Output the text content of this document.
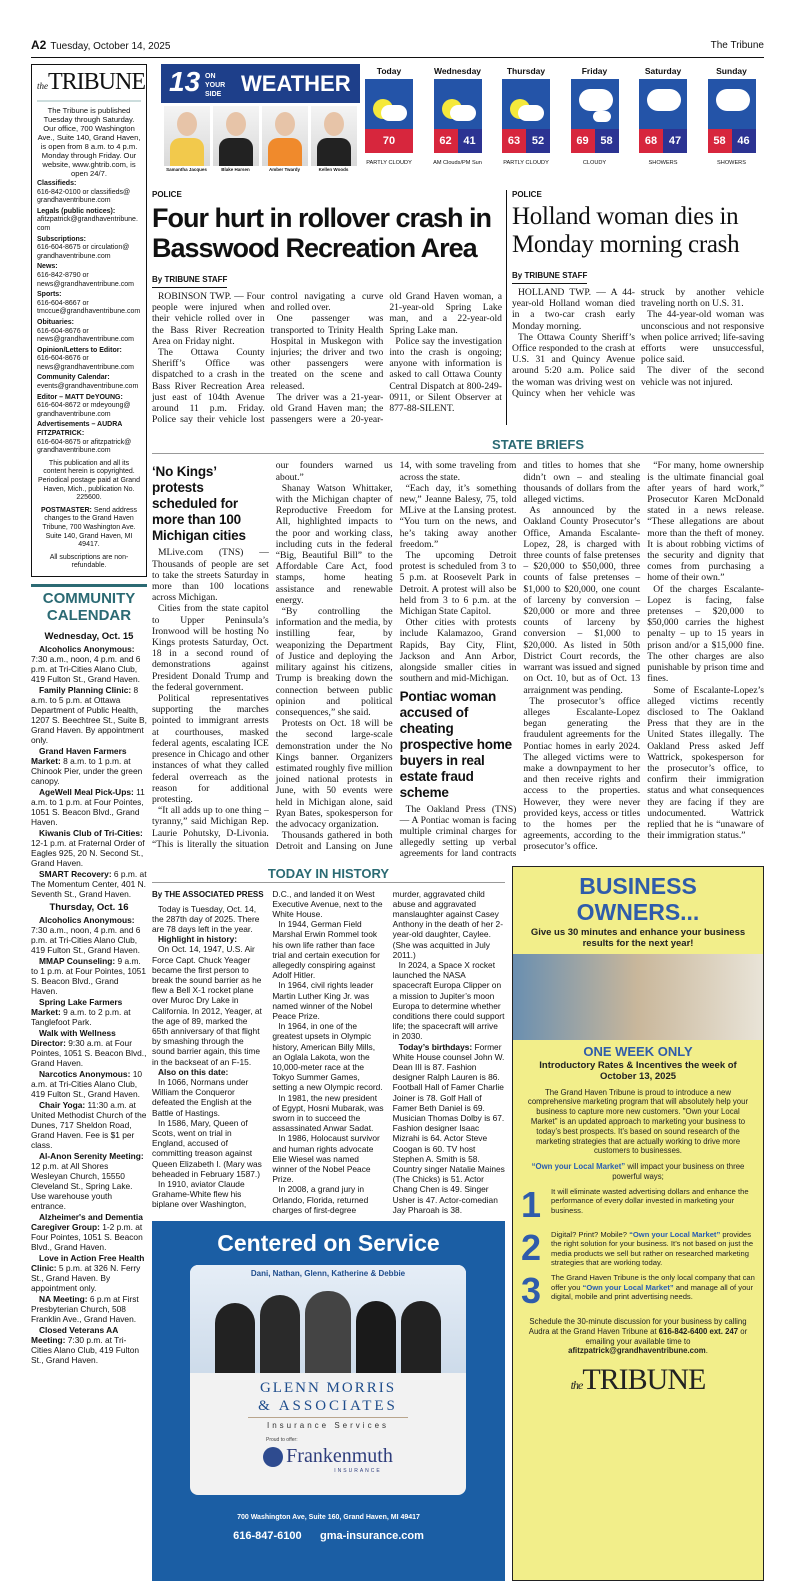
A2 Tuesday, October 14, 2025	The Tribune
theTRIBUNE
The Tribune is published Tuesday through Saturday. Our office, 700 Washington Ave., Suite 140, Grand Haven, is open from 8 a.m. to 4 p.m. Monday through Friday. Our website, www.ghtrib.com, is open 24/7.
Classifieds:
616-842-0100 or classifieds@ grandhaventribune.com
Legals (public notices):
afitzpatrick@grandhaventribune.com
Subscriptions:
616-604-8675 or circulation@ grandhaventribune.com
News:
616-842-8790 or news@grandhaventribune.com
Sports:
616-604-8667 or tmccue@grandhaventribune.com
Obituaries:
616-604-8676 or news@grandhaventribune.com
Opinion/Letters to Editor:
616-604-8676 or news@grandhaventribune.com
Community Calendar:
events@grandhaventribune.com
Editor – MATT DeYOUNG:
616-604-8672 or mdeyoung@ grandhaventribune.com
Advertisements – AUDRA FITZPATRICK:
616-604-8675 or afitzpatrick@ grandhaventribune.com
This publication and all its content herein is copyrighted. Periodical postage paid at Grand Haven, Mich., publication No. 225600.
POSTMASTER: Send address changes to the Grand Haven Tribune, 700 Washington Ave. Suite 140, Grand Haven, MI 49417.
All subscriptions are non-refundable.
COMMUNITY CALENDAR
Wednesday, Oct. 15

Alcoholics Anonymous: 7:30 a.m., noon, 4 p.m. and 6 p.m. at Tri-Cities Alano Club, 419 Fulton St., Grand Haven.

Family Planning Clinic: 8 a.m. to 5 p.m. at Ottawa Department of Public Health, 1207 S. Beechtree St., Suite B, Grand Haven. By appointment only.

Grand Haven Farmers Market: 8 a.m. to 1 p.m. at Chinook Pier, under the green canopy.

AgeWell Meal Pick-Ups: 11 a.m. to 1 p.m. at Four Pointes, 1051 S. Beacon Blvd., Grand Haven.

Kiwanis Club of Tri-Cities: 12-1 p.m. at Fraternal Order of Eagles 925, 20 N. Second St., Grand Haven.

SMART Recovery: 6 p.m. at The Momentum Center, 401 N. Seventh St., Grand Haven.

Thursday, Oct. 16

Alcoholics Anonymous: 7:30 a.m., noon, 4 p.m. and 6 p.m. at Tri-Cities Alano Club, 419 Fulton St., Grand Haven.

MMAP Counseling: 9 a.m. to 1 p.m. at Four Pointes, 1051 S. Beacon Blvd., Grand Haven.

Spring Lake Farmers Market: 9 a.m. to 2 p.m. at Tanglefoot Park.

Walk with Wellness Director: 9:30 a.m. at Four Pointes, 1051 S. Beacon Blvd., Grand Haven.

Narcotics Anonymous: 10 a.m. at Tri-Cities Alano Club, 419 Fulton St., Grand Haven.

Chair Yoga: 11:30 a.m. at United Methodist Church of the Dunes, 717 Sheldon Road, Grand Haven. Fee is $1 per class.

Al-Anon Serenity Meeting: 12 p.m. at All Shores Wesleyan Church, 15550 Cleveland St., Spring Lake. Use warehouse youth entrance.

Alzheimer's and Dementia Caregiver Group: 1-2 p.m. at Four Pointes, 1051 S. Beacon Blvd., Grand Haven.

Love in Action Free Health Clinic: 5 p.m. at 326 N. Ferry St., Grand Haven. By appointment only.

NA Meeting: 6 p.m at First Presbyterian Church, 508 Franklin Ave., Grand Haven.

Closed Veterans AA Meeting: 7:30 p.m. at Tri-Cities Alano Club, 419 Fulton St., Grand Haven.

13 ON YOUR SIDE WEATHER
Samantha Jacques	Blake Harsen	Amber Twardy	Kellen Woods
Today
70
PARTLY CLOUDY
Wednesday
62	41
AM Clouds/PM Sun
Thursday
63	52
PARTLY CLOUDY
Friday
69	58
CLOUDY
Saturday
68	47
SHOWERS
Sunday
58	46
SHOWERS
POLICE
Four hurt in rollover crash in Basswood Recreation Area
By TRIBUNE STAFF

ROBINSON TWP. — Four people were injured when their vehicle rolled over in the Bass River Recreation Area on Friday night.

The Ottawa County Sheriff’s Office was dispatched to a crash in the Bass River Recreation Area just east of 104th Avenue around 11 p.m. Friday. Police say their vehicle lost control navigating a curve and rolled over.

One passenger was transported to Trinity Health Hospital in Muskegon with injuries; the driver and two other passengers were treated on the scene and released.

The driver was a 21-year-old Grand Haven man; the passengers were a 20-year-old Grand Haven woman, a 21-year-old Spring Lake man, and a 22-year-old Spring Lake man.

Police say the investigation into the crash is ongoing; anyone with information is asked to call Ottawa County Central Dispatch at 800-249-0911, or Silent Observer at 877-88-SILENT.

POLICE
Holland woman dies in Monday morning crash
By TRIBUNE STAFF

HOLLAND TWP. — A 44-year-old Holland woman died in a two-car crash early Monday morning.

The Ottawa County Sheriff’s Office responded to the crash at U.S. 31 and Quincy Avenue around 5:20 a.m. Police said the woman was driving west on Quincy when her vehicle was struck by another vehicle traveling north on U.S. 31.

The 44-year-old woman was unconscious and not responsive when police arrived; life-saving efforts were unsuccessful, police said.

The diver of the second vehicle was not injured.

STATE BRIEFS
‘No Kings’ protests scheduled for more than 100 Michigan cities

MLive.com (TNS) — Thousands of people are set to take the streets Saturday in more than 100 locations across Michigan.

Cities from the state capitol to Upper Peninsula’s Ironwood will be hosting No Kings protests Saturday, Oct. 18 in a second round of demonstrations against President Donald Trump and the federal government.

Political representatives supporting the marches pointed to immigrant arrests at courthouses, masked federal agents, escalating ICE presence in Chicago and other instances of what they called federal overreach as the reason for additional protesting.

“It all adds up to one thing – tyranny,” said Michigan Rep. Laurie Pohutsky, D-Livonia. “This is literally the situation our founders warned us about.”

Shanay Watson Whittaker, with the Michigan chapter of Reproductive Freedom for All, highlighted impacts to the poor and working class, including cuts in the federal “Big, Beautiful Bill” to the Affordable Care Act, food stamps, home heating assistance and renewable energy.

“By controlling the information and the media, by instilling fear, by weaponizing the Department of Justice and deploying the military against his citizens, Trump is breaking down the connection between public opinion and political consequences,” she said.

Protests on Oct. 18 will be the second large-scale demonstration under the No Kings banner. Organizers estimated roughly five million joined national protests in June, with 50 events were held in Michigan alone, said Ryan Bates, spokesperson for the advocacy organization.

Thousands gathered in both Detroit and Lansing on June 14, with some traveling from across the state.

“Each day, it’s something new,” Jeanne Balesy, 75, told MLive at the Lansing protest. “You turn on the news, and he’s taking away another freedom.”

The upcoming Detroit protest is scheduled from 3 to 5 p.m. at Roosevelt Park in Detroit. A protest will also be held from 3 to 6 p.m. at the Michigan State Capitol.

Other cities with protests include Kalamazoo, Grand Rapids, Bay City, Flint, Jackson and Ann Arbor, alongside smaller cities in southern and mid-Michigan.

Pontiac woman accused of cheating prospective home buyers in real estate fraud scheme

The Oakland Press (TNS) — A Pontiac woman is facing multiple criminal charges for allegedly setting up verbal agreements for land contracts and titles to homes that she didn’t own – and stealing thousands of dollars from the alleged victims.

As announced by the Oakland County Prosecutor’s Office, Amanda Escalante-Lopez, 28, is charged with three counts of false pretenses – $20,000 to $50,000, three counts of false pretenses – $1,000 to $20,000, one count of larceny by conversion – $20,000 or more and three counts of larceny by conversion – $1,000 to $20,000. As listed in 50th District Court records, the warrant was issued and signed on Oct. 10, but as of Oct. 13 arraignment was pending.

The prosecutor’s office alleges Escalante-Lopez began generating the fraudulent agreements for the Pontiac homes in early 2024. The alleged victims were to make a downpayment to her and then receive rights and access to the properties. However, they were never provided keys, access or titles to the homes per the agreements, according to the prosecutor’s office.

“For many, home ownership is the ultimate financial goal after years of hard work,” Prosecutor Karen McDonald stated in a news release. “These allegations are about more than the theft of money. It is about robbing victims of the security and dignity that comes from purchasing a home of their own.”

Of the charges Escalante-Lopez is facing, false pretenses – $20,000 to $50,000 carries the highest penalty – up to 15 years in prison and/or a $15,000 fine. The other charges are also punishable by prison time and fines.

Some of Escalante-Lopez’s alleged victims recently disclosed to The Oakland Press that they are in the United States illegally. The Oakland Press asked Jeff Wattrick, spokesperson for the prosecutor’s office, to confirm their immigration status and what consequences they are facing if they are undocumented. Wattrick replied that he is “unaware of their immigration status.”

TODAY IN HISTORY
By THE ASSOCIATED PRESS

Today is Tuesday, Oct. 14, the 287th day of 2025. There are 78 days left in the year.

Highlight in history:

On Oct. 14, 1947, U.S. Air Force Capt. Chuck Yeager became the first person to break the sound barrier as he flew a Bell X-1 rocket plane over Muroc Dry Lake in California. In 2012, Yeager, at the age of 89, marked the 65th anniversary of that flight by smashing through the sound barrier again, this time in the backseat of an F-15.

Also on this date:

In 1066, Normans under William the Conqueror defeated the English at the Battle of Hastings.

In 1586, Mary, Queen of Scots, went on trial in England, accused of committing treason against Queen Elizabeth I. (Mary was beheaded in February 1587.)

In 1910, aviator Claude Grahame-White flew his biplane over Washington, D.C., and landed it on West Executive Avenue, next to the White House.

In 1944, German Field Marshal Erwin Rommel took his own life rather than face trial and certain execution for allegedly conspiring against Adolf Hitler.

In 1964, civil rights leader Martin Luther King Jr. was named winner of the Nobel Peace Prize.

In 1964, in one of the greatest upsets in Olympic history, American Billy Mills, an Oglala Lakota, won the 10,000-meter race at the Tokyo Summer Games, setting a new Olympic record.

In 1981, the new president of Egypt, Hosni Mubarak, was sworn in to succeed the assassinated Anwar Sadat.

In 1986, Holocaust survivor and human rights advocate Elie Wiesel was named winner of the Nobel Peace Prize.

In 2008, a grand jury in Orlando, Florida, returned charges of first-degree murder, aggravated child abuse and aggravated manslaughter against Casey Anthony in the death of her 2-year-old daughter, Caylee. (She was acquitted in July 2011.)

In 2024, a Space X rocket launched the NASA spacecraft Europa Clipper on a mission to Jupiter’s moon Europa to determine whether conditions there could support life; the spacecraft will arrive in 2030.

Today’s birthdays: Former White House counsel John W. Dean III is 87. Fashion designer Ralph Lauren is 86. Football Hall of Famer Charlie Joiner is 78. Golf Hall of Famer Beth Daniel is 69. Musician Thomas Dolby is 67. Fashion designer Isaac Mizrahi is 64. Actor Steve Coogan is 60. TV host Stephen A. Smith is 58. Country singer Natalie Maines (The Chicks) is 51. Actor Chang Chen is 49. Singer Usher is 47. Actor-comedian Jay Pharoah is 38.

Centered on Service
Dani, Nathan, Glenn, Katherine & Debbie
GLENN MORRIS
& ASSOCIATES
Insurance Services
Proud to offer:
Frankenmuth
INSURANCE
700 Washington Ave, Suite 160, Grand Haven, MI 49417
616-847-6100 gma-insurance.com
BUSINESS OWNERS...
Give us 30 minutes and enhance your business results for the next year!
ONE WEEK ONLY
Introductory Rates & Incentives the week of October 13, 2025
The Grand Haven Tribune is proud to introduce a new comprehensive marketing program that will absolutely help your business to capture more new customers. "Own your Local Market" is an updated approach to marketing your business to today’s best prospects. It’s based on sound research of the marketing strategies that are actually working to drive more customers to businesses.
“Own your Local Market” will impact your business on three powerful ways;
1 It will eliminate wasted advertising dollars and enhance the performance of every dollar invested in marketing your business.
2 Digital? Print? Mobile? “Own your Local Market” provides the right solution for your business. It’s not based on just the media products we sell but rather on researched marketing strategies that are working today.
3 The Grand Haven Tribune is the only local company that can offer you “Own your Local Market” and manage all of your digital, mobile and print advertising needs.
Schedule the 30-minute discussion for your business by calling Audra at the Grand Haven Tribune at 616-842-6400 ext. 247 or emailing your available time to afitzpatrick@grandhaventribune.com.
theTRIBUNE
